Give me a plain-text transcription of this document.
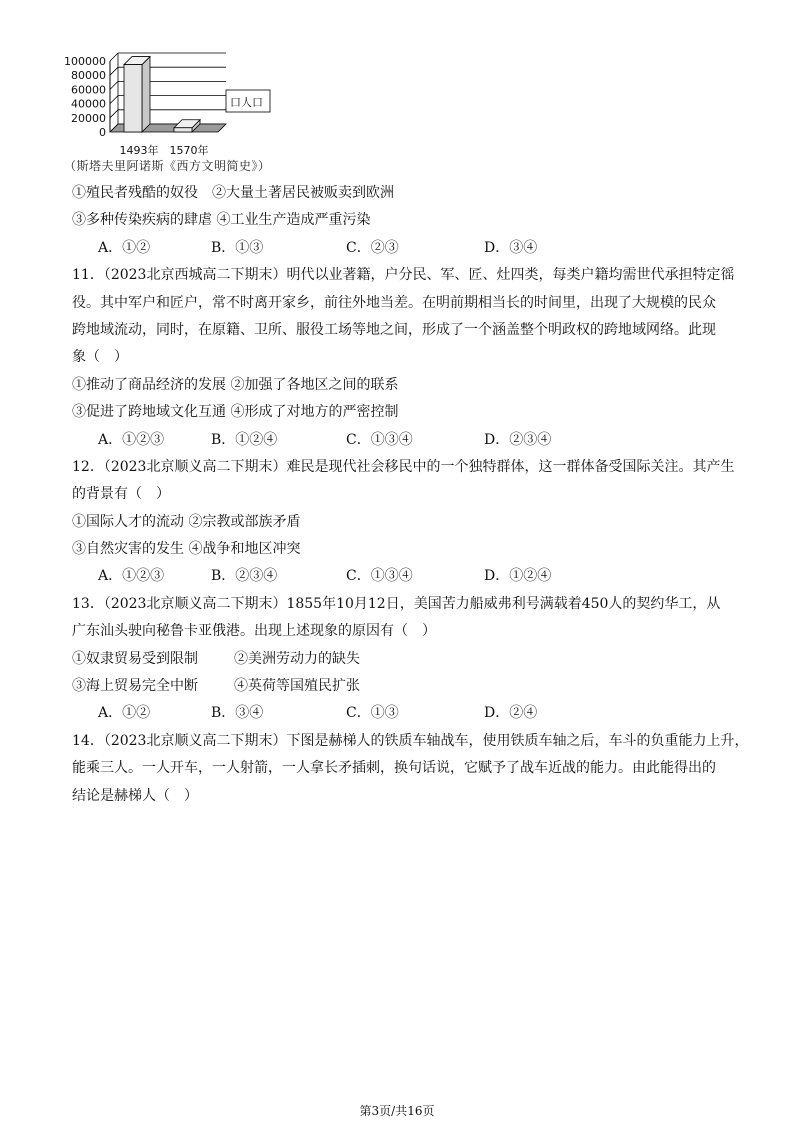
100000
80000
60000
40000
20000
0
1493年 1570年
口人口
（斯塔夫里阿诺斯《西方文明简史》）
①殖民者残酷的奴役　②大量土著居民被贩卖到欧洲
③多种传染疾病的肆虐 ④工业生产造成严重污染
A．①②	B．①③	C．②③	D．③④
11．（2023北京西城高二下期末）明代以业著籍，户分民、军、匠、灶四类，每类户籍均需世代承担特定徭
役。其中军户和匠户，常不时离开家乡，前往外地当差。在明前期相当长的时间里，出现了大规模的民众
跨地域流动，同时，在原籍、卫所、服役工场等地之间，形成了一个涵盖整个明政权的跨地域网络。此现
象（　）
①推动了商品经济的发展 ②加强了各地区之间的联系
③促进了跨地域文化互通 ④形成了对地方的严密控制
A．①②③	B．①②④	C．①③④	D．②③④
12．（2023北京顺义高二下期末）难民是现代社会移民中的一个独特群体，这一群体备受国际关注。其产生
的背景有（　）
①国际人才的流动 ②宗教或部族矛盾
③自然灾害的发生 ④战争和地区冲突
A．①②③	B．②③④	C．①③④	D．①②④
13．（2023北京顺义高二下期末）1855年10月12日，美国苦力船威弗利号满载着450人的契约华工，从
广东汕头驶向秘鲁卡亚俄港。出现上述现象的原因有（　）
①奴隶贸易受到限制	②美洲劳动力的缺失
③海上贸易完全中断	④英荷等国殖民扩张
A．①②	B．③④	C．①③	D．②④
14．（2023北京顺义高二下期末）下图是赫梯人的铁质车轴战车，使用铁质车轴之后，车斗的负重能力上升，
能乘三人。一人开车，一人射箭，一人拿长矛插刺，换句话说，它赋予了战车近战的能力。由此能得出的
结论是赫梯人（　）
第3页/共16页
